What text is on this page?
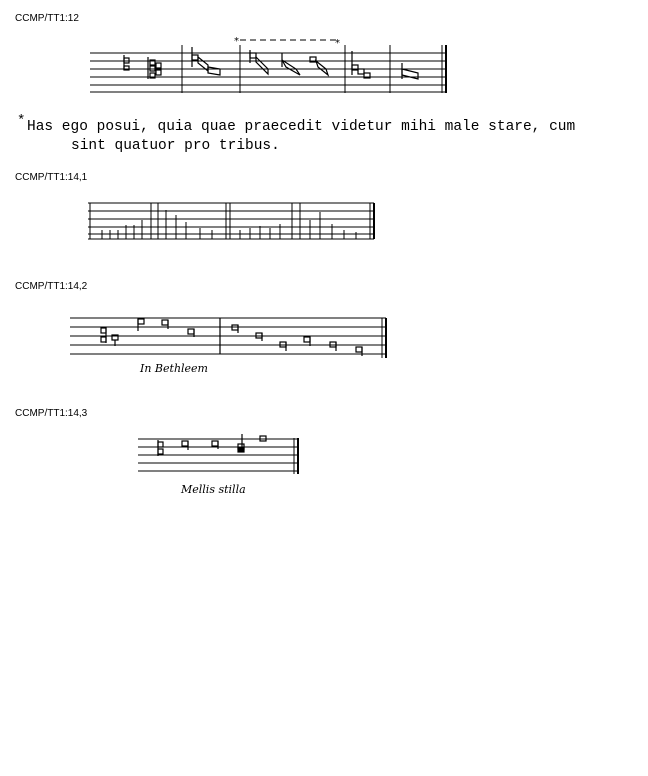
CCMP/TT1:12
*	*
* Has ego posui, quia quae praecedit videtur mihi male stare, cum
sint quatuor pro tribus.
CCMP/TT1:14,1
CCMP/TT1:14,2
In Bethleem
CCMP/TT1:14,3
Mellis stilla
